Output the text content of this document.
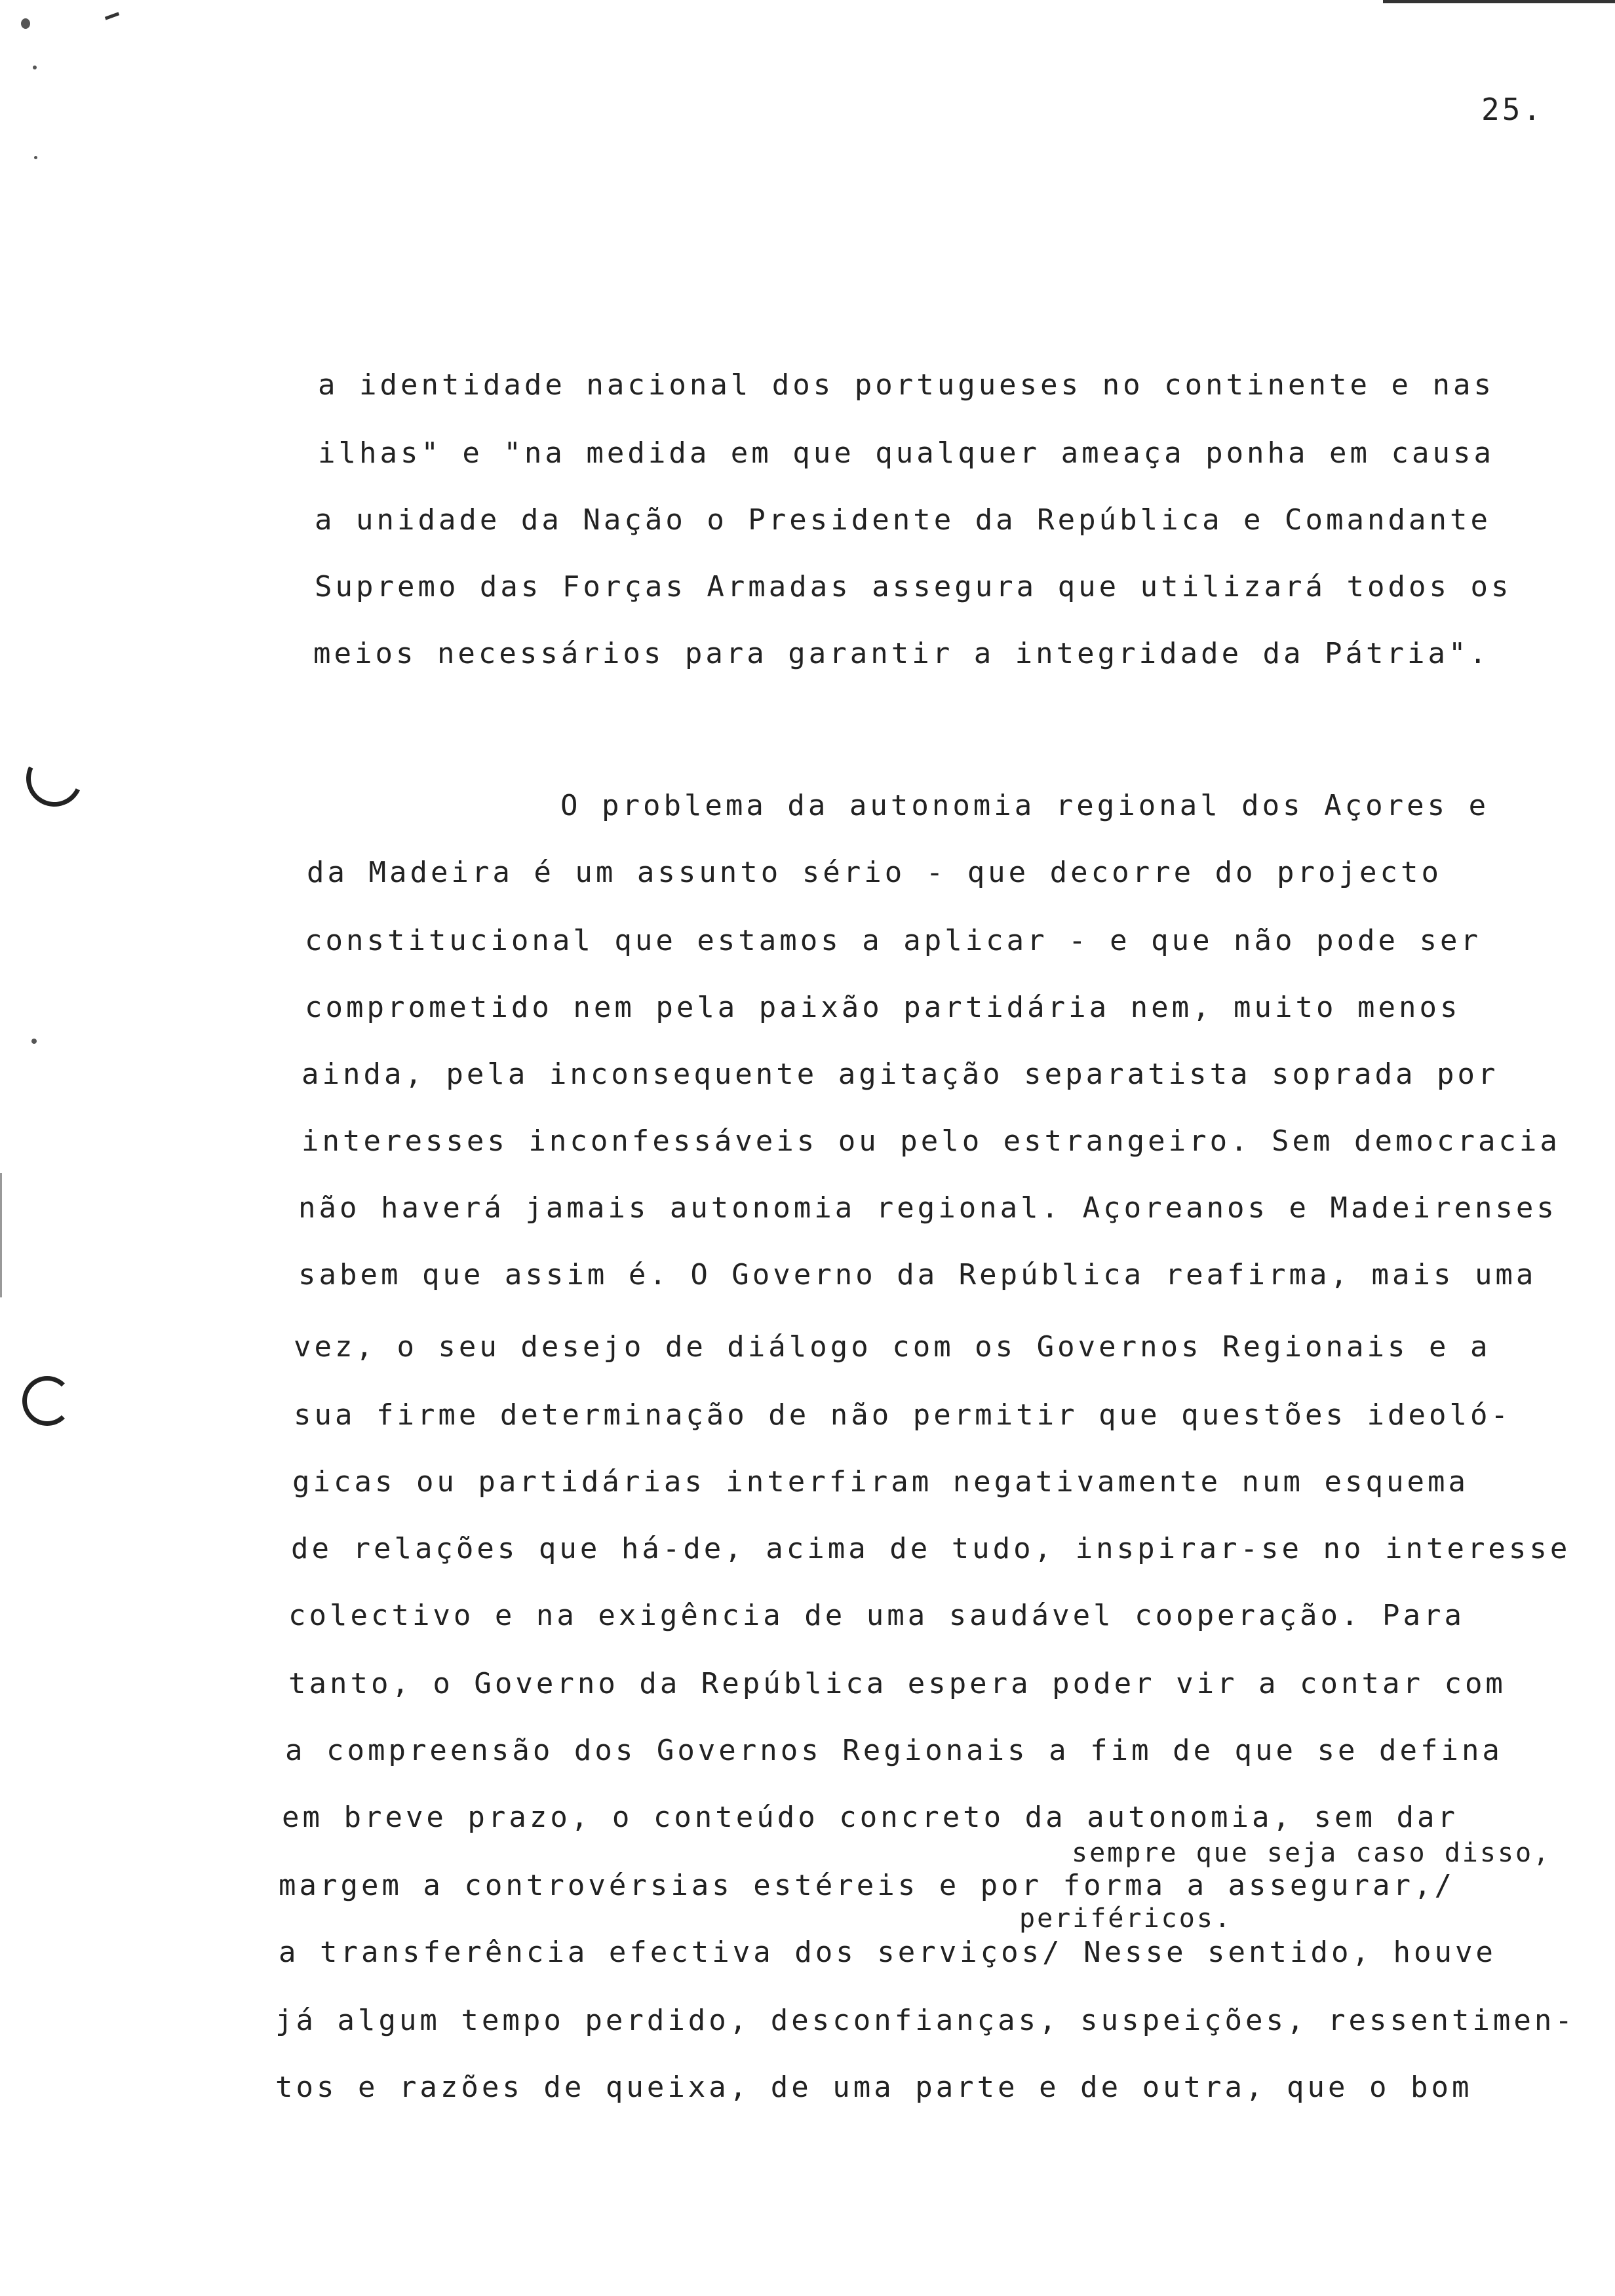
25.
a identidade nacional dos portugueses no continente e nas
ilhas" e "na medida em que qualquer ameaça ponha em causa
a unidade da Nação o Presidente da República e Comandante
Supremo das Forças Armadas assegura que utilizará todos os
meios necessários para garantir a integridade da Pátria".
O problema da autonomia regional dos Açores e
da Madeira é um assunto sério - que decorre do projecto
constitucional que estamos a aplicar - e que não pode ser
comprometido nem pela paixão partidária nem, muito menos
ainda, pela inconsequente agitação separatista soprada por
interesses inconfessáveis ou pelo estrangeiro. Sem democracia
não haverá jamais autonomia regional. Açoreanos e Madeirenses
sabem que assim é. O Governo da República reafirma, mais uma
vez, o seu desejo de diálogo com os Governos Regionais e a
sua firme determinação de não permitir que questões ideoló-
gicas ou partidárias interfiram negativamente num esquema
de relações que há-de, acima de tudo, inspirar-se no interesse
colectivo e na exigência de uma saudável cooperação. Para
tanto, o Governo da República espera poder vir a contar com
a compreensão dos Governos Regionais a fim de que se defina
em breve prazo, o conteúdo concreto da autonomia, sem dar
sempre que seja caso disso,
margem a controvérsias estéreis e por forma a assegurar,/
periféricos.
a transferência efectiva dos serviços/ Nesse sentido, houve
já algum tempo perdido, desconfianças, suspeições, ressentimen-
tos e razões de queixa, de uma parte e de outra, que o bom
